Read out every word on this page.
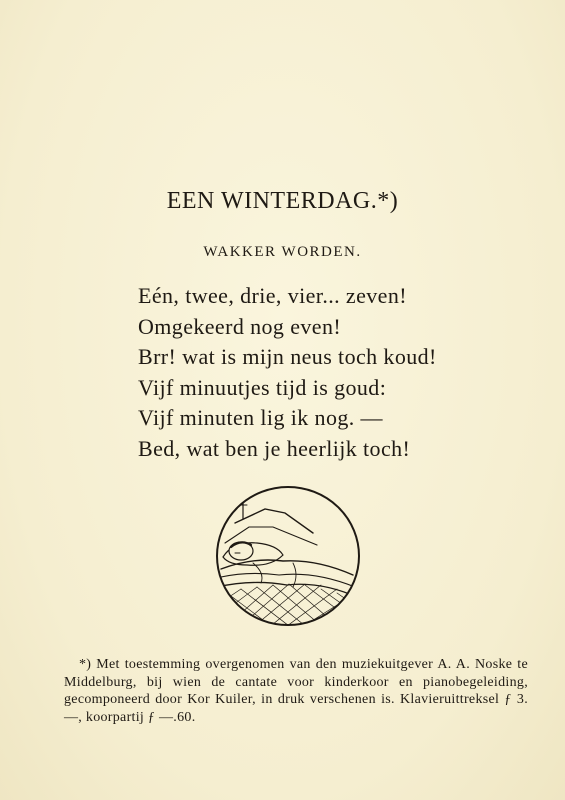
EEN WINTERDAG.*)
WAKKER WORDEN.
Eén, twee, drie, vier... zeven!
Omgekeerd nog even!
Brr! wat is mijn neus toch koud!
Vijf minuutjes tijd is goud:
Vijf minuten lig ik nog. —
Bed, wat ben je heerlijk toch!

*) Met toestemming overgenomen van den muziekuitgever A. A. Noske te Middelburg, bij wien de cantate voor kinderkoor en pianobegeleiding, gecomponeerd door Kor Kuiler, in druk verschenen is. Klavieruittreksel ƒ 3.—, koorpartij ƒ —.60.
